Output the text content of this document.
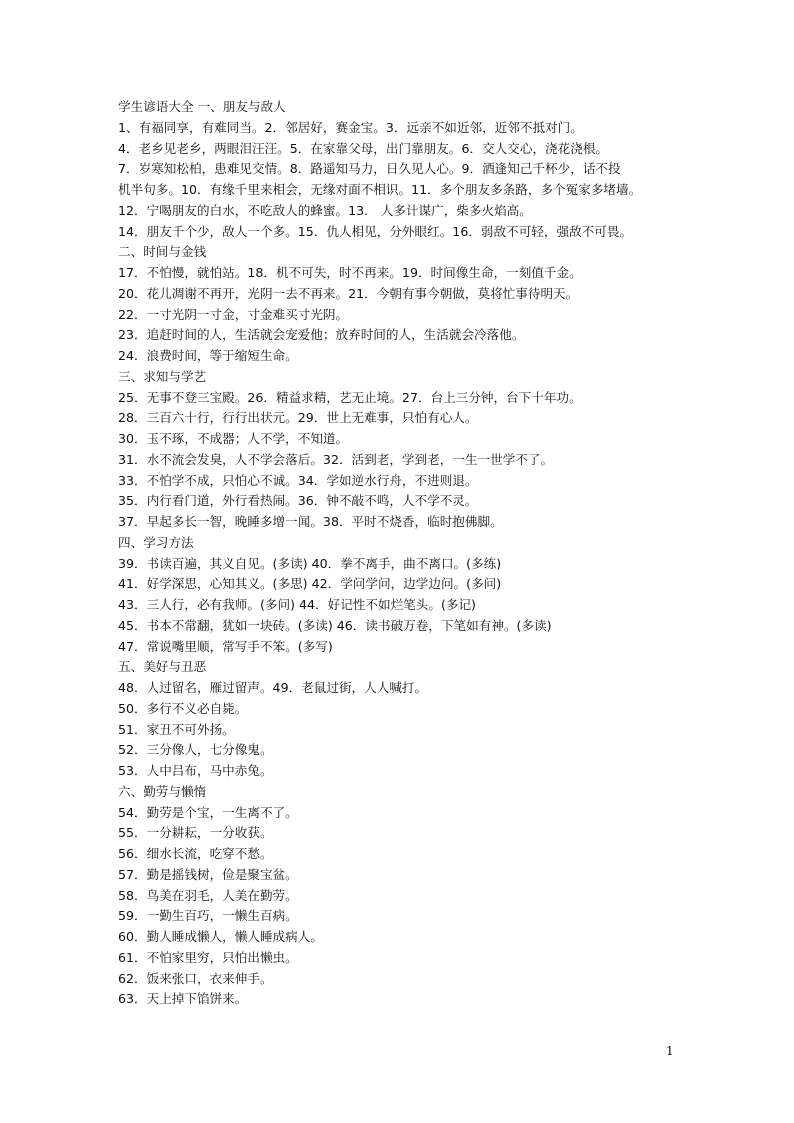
学生谚语大全 一、朋友与敌人
1、有福同享，有难同当。2．邻居好，赛金宝。3．远亲不如近邻，近邻不抵对门。
4．老乡见老乡，两眼泪汪汪。5．在家靠父母，出门靠朋友。6．交人交心，浇花浇根。
7．岁寒知松柏，患难见交情。8．路遥知马力，日久见人心。9．酒逢知己千杯少，话不投
机半句多。10．有缘千里来相会，无缘对面不相识。11．多个朋友多条路，多个冤家多堵墙。
12．宁喝朋友的白水，不吃敌人的蜂蜜。13.　人多计谋广，柴多火焰高。
14．朋友千个少，敌人一个多。15．仇人相见，分外眼红。16．弱敌不可轻，强敌不可畏。
二、时间与金钱
17．不怕慢，就怕站。18．机不可失，时不再来。19．时间像生命，一刻值千金。
20．花儿凋谢不再开，光阴一去不再来。21．今朝有事今朝做，莫将忙事待明天。
22．一寸光阴一寸金，寸金难买寸光阴。
23．追赶时间的人，生活就会宠爱他；放弃时间的人，生活就会冷落他。
24．浪费时间，等于缩短生命。
三、求知与学艺
25．无事不登三宝殿。26．精益求精，艺无止境。27．台上三分钟，台下十年功。
28．三百六十行，行行出状元。29．世上无难事，只怕有心人。
30．玉不琢，不成器；人不学，不知道。
31．水不流会发臭，人不学会落后。32．活到老，学到老，一生一世学不了。
33．不怕学不成，只怕心不诚。34．学如逆水行舟，不进则退。
35．内行看门道，外行看热闹。36．钟不敲不鸣，人不学不灵。
37．早起多长一智，晚睡多增一闻。38．平时不烧香，临时抱佛脚。
四、学习方法
39．书读百遍，其义自见。(多读) 40．拳不离手，曲不离口。(多练)
41．好学深思，心知其义。(多思) 42．学问学问，边学边问。(多问)
43．三人行，必有我师。(多问) 44．好记性不如烂笔头。(多记)
45．书本不常翻，犹如一块砖。(多读) 46．读书破万卷，下笔如有神。(多读)
47．常说嘴里顺，常写手不笨。(多写)
五、美好与丑恶
48．人过留名，雁过留声。49．老鼠过街，人人喊打。
50．多行不义必自毙。
51．家丑不可外扬。
52．三分像人，七分像鬼。
53．人中吕布，马中赤兔。
六、勤劳与懒惰
54．勤劳是个宝，一生离不了。
55．一分耕耘，一分收获。
56．细水长流，吃穿不愁。
57．勤是摇钱树，俭是聚宝盆。
58．鸟美在羽毛，人美在勤劳。
59．一勤生百巧，一懒生百病。
60．勤人睡成懒人，懒人睡成病人。
61．不怕家里穷，只怕出懒虫。
62．饭来张口，衣来伸手。
63．天上掉下馅饼来。
1
